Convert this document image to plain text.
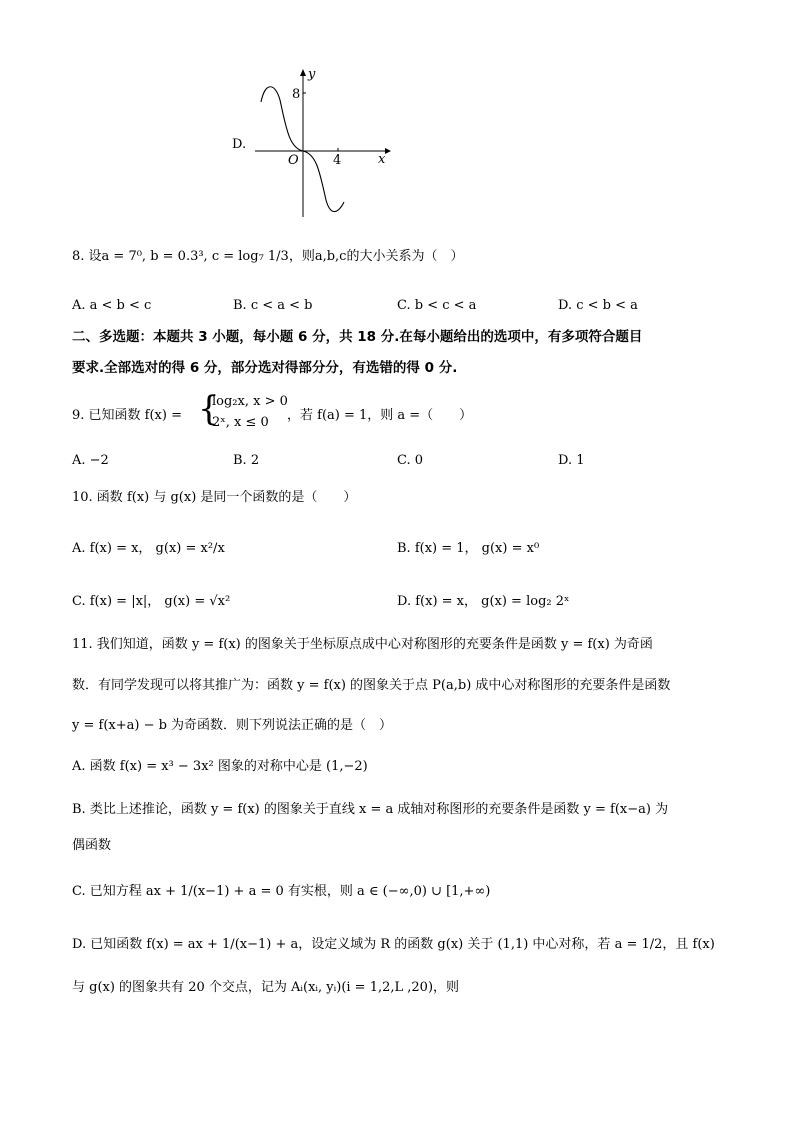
D.
y
x
O
8
4
8. 设a = 7⁰, b = 0.3³, c = log₇ 1/3，则a,b,c的大小关系为（　）
A. a < b < c	B. c < a < b	C. b < c < a	D. c < b < a
二、多选题：本题共 3 小题，每小题 6 分，共 18 分.在每小题给出的选项中，有多项符合题目
要求.全部选对的得 6 分，部分选对得部分分，有选错的得 0 分.
9. 已知函数 f(x) = {
log₂x, x > 0
2ˣ, x ≤ 0 ，若 f(a) = 1，则 a =（　　）
A. −2	B. 2	C. 0	D. 1
10. 函数 f(x) 与 g(x) 是同一个函数的是（　　）
A. f(x) = x， g(x) = x²/x	B. f(x) = 1， g(x) = x⁰
C. f(x) = |x|， g(x) = √x²	D. f(x) = x， g(x) = log₂ 2ˣ
11. 我们知道，函数 y = f(x) 的图象关于坐标原点成中心对称图形的充要条件是函数 y = f(x) 为奇函
数．有同学发现可以将其推广为：函数 y = f(x) 的图象关于点 P(a,b) 成中心对称图形的充要条件是函数
y = f(x+a) − b 为奇函数．则下列说法正确的是（　）
A. 函数 f(x) = x³ − 3x² 图象的对称中心是 (1,−2)
B. 类比上述推论，函数 y = f(x) 的图象关于直线 x = a 成轴对称图形的充要条件是函数 y = f(x−a) 为
偶函数
C. 已知方程 ax + 1/(x−1) + a = 0 有实根，则 a ∈ (−∞,0) ∪ [1,+∞)
D. 已知函数 f(x) = ax + 1/(x−1) + a，设定义域为 R 的函数 g(x) 关于 (1,1) 中心对称，若 a = 1/2，且 f(x)
与 g(x) 的图象共有 20 个交点，记为 Aᵢ(xᵢ, yᵢ)(i = 1,2,L ,20)，则
